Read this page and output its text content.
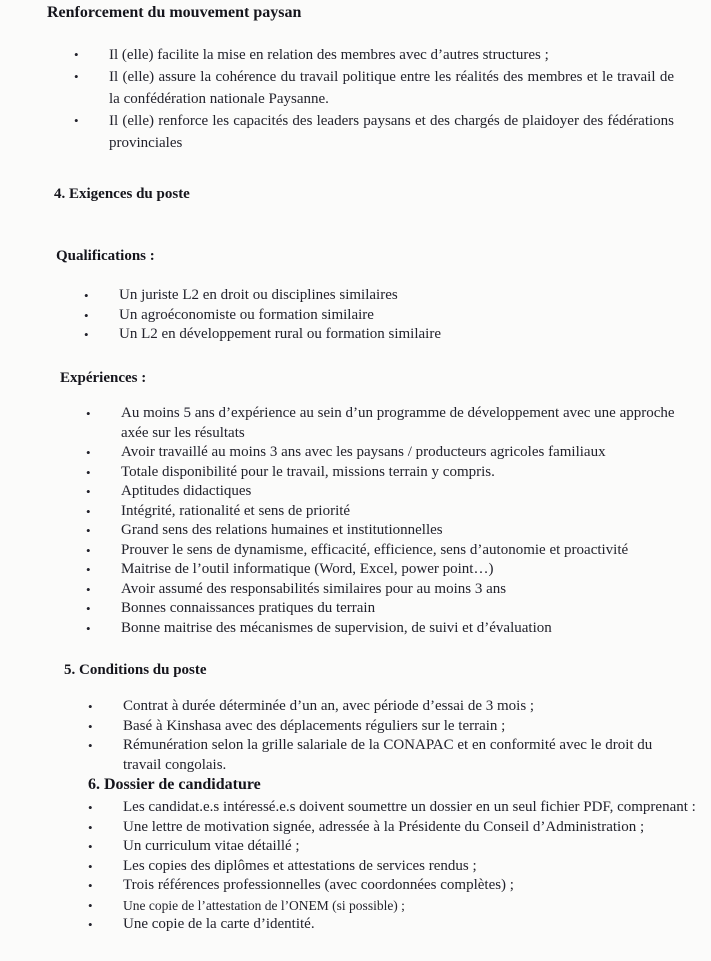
Renforcement du mouvement paysan
• Il (elle) facilite la mise en relation des membres avec d’autres structures ;
• Il (elle) assure la cohérence du travail politique entre les réalités des membres et le travail de la confédération nationale Paysanne.
• Il (elle) renforce les capacités des leaders paysans et des chargés de plaidoyer des fédérations provinciales
4. Exigences du poste
Qualifications :
• Un juriste L2 en droit ou disciplines similaires
• Un agroéconomiste ou formation similaire
• Un L2 en développement rural ou formation similaire
Expériences :
• Au moins 5 ans d’expérience au sein d’un programme de développement avec une approche axée sur les résultats
• Avoir travaillé au moins 3 ans avec les paysans / producteurs agricoles familiaux
• Totale disponibilité pour le travail, missions terrain y compris.
• Aptitudes didactiques
• Intégrité, rationalité et sens de priorité
• Grand sens des relations humaines et institutionnelles
• Prouver le sens de dynamisme, efficacité, efficience, sens d’autonomie et proactivité
• Maitrise de l’outil informatique (Word, Excel, power point…)
• Avoir assumé des responsabilités similaires pour au moins 3 ans
• Bonnes connaissances pratiques du terrain
• Bonne maitrise des mécanismes de supervision, de suivi et d’évaluation
5. Conditions du poste
• Contrat à durée déterminée d’un an, avec période d’essai de 3 mois ;
• Basé à Kinshasa avec des déplacements réguliers sur le terrain ;
• Rémunération selon la grille salariale de la CONAPAC et en conformité avec le droit du travail congolais.
6. Dossier de candidature
• Les candidat.e.s intéressé.e.s doivent soumettre un dossier en un seul fichier PDF, comprenant :
• Une lettre de motivation signée, adressée à la Présidente du Conseil d’Administration ;
• Un curriculum vitae détaillé ;
• Les copies des diplômes et attestations de services rendus ;
• Trois références professionnelles (avec coordonnées complètes) ;
• Une copie de l’attestation de l’ONEM (si possible) ;
• Une copie de la carte d’identité.
